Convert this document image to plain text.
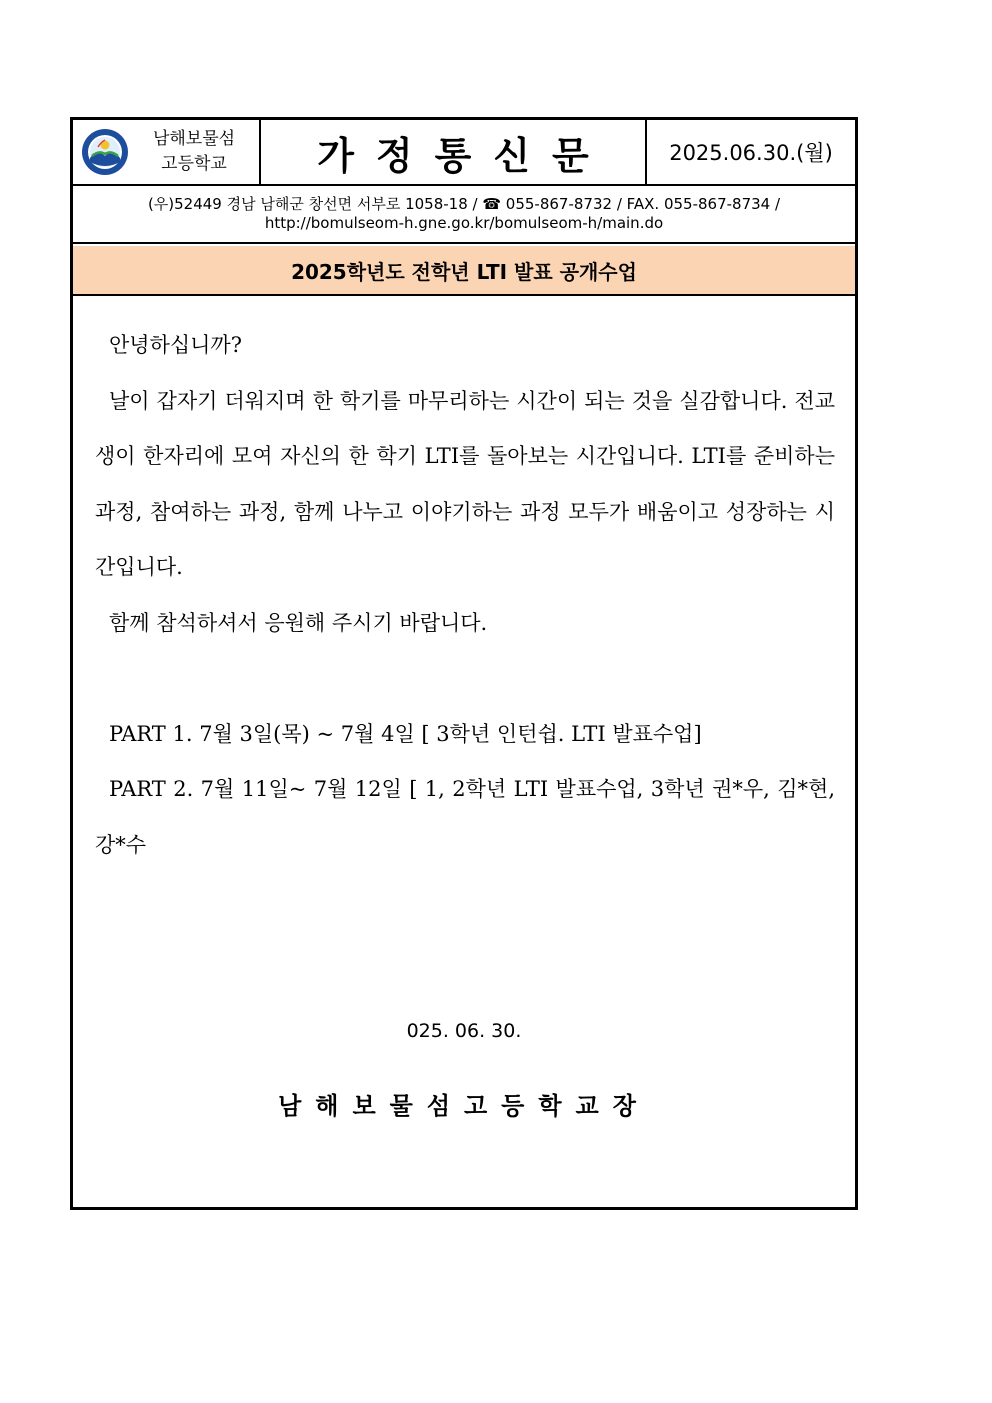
남해보물섬
고등학교	가정통신문	2025.06.30.(월)
(우)52449 경남 남해군 창선면 서부로 1058-18 / ☎ 055-867-8732 / FAX. 055-867-8734 /
http://bomulseom-h.gne.go.kr/bomulseom-h/main.do
2025학년도 전학년 LTI 발표 공개수업

안녕하십니까?

날이 갑자기 더워지며 한 학기를 마무리하는 시간이 되는 것을 실감합니다. 전교생이 한자리에 모여 자신의 한 학기 LTI를 돌아보는 시간입니다. LTI를 준비하는 과정, 참여하는 과정, 함께 나누고 이야기하는 과정 모두가 배움이고 성장하는 시간입니다.

함께 참석하셔서 응원해 주시기 바랍니다.

PART 1. 7월 3일(목) ~ 7월 4일 [ 3학년 인턴쉽. LTI 발표수업]

PART 2. 7월 11일~ 7월 12일 [ 1, 2학년 LTI 발표수업, 3학년 권*우, 김*현, 강*수

025. 06. 30.
남해보물섬고등학교장
